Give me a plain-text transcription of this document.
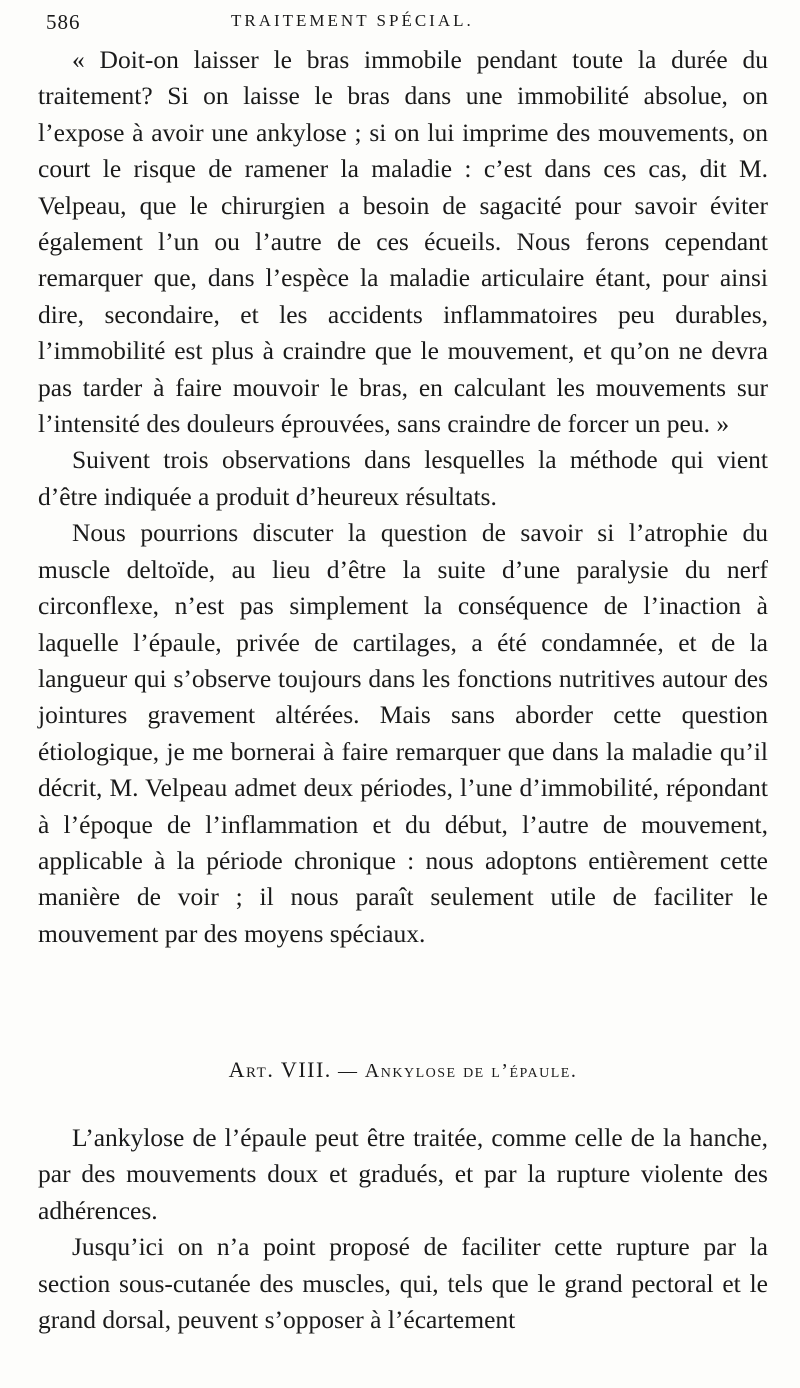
586	TRAITEMENT SPÉCIAL.

« Doit-on laisser le bras immobile pendant toute la durée du traitement? Si on laisse le bras dans une immobilité absolue, on l’expose à avoir une ankylose ; si on lui imprime des mouvements, on court le risque de ramener la maladie : c’est dans ces cas, dit M. Velpeau, que le chirurgien a besoin de sagacité pour savoir éviter également l’un ou l’autre de ces écueils. Nous ferons cependant remarquer que, dans l’espèce la maladie articulaire étant, pour ainsi dire, secondaire, et les accidents inflammatoires peu durables, l’immobilité est plus à craindre que le mouvement, et qu’on ne devra pas tarder à faire mouvoir le bras, en calculant les mouvements sur l’intensité des douleurs éprouvées, sans craindre de forcer un peu. »

Suivent trois observations dans lesquelles la méthode qui vient d’être indiquée a produit d’heureux résultats.

Nous pourrions discuter la question de savoir si l’atrophie du muscle deltoïde, au lieu d’être la suite d’une paralysie du nerf circonflexe, n’est pas simplement la conséquence de l’inaction à laquelle l’épaule, privée de cartilages, a été condamnée, et de la langueur qui s’observe toujours dans les fonctions nutritives autour des jointures gravement altérées. Mais sans aborder cette question étiologique, je me bornerai à faire remarquer que dans la maladie qu’il décrit, M. Velpeau admet deux périodes, l’une d’immobilité, répondant à l’époque de l’inflammation et du début, l’autre de mouvement, applicable à la période chronique : nous adoptons entièrement cette manière de voir ; il nous paraît seulement utile de faciliter le mouvement par des moyens spéciaux.

Art. VIII. — Ankylose de l’épaule.

L’ankylose de l’épaule peut être traitée, comme celle de la hanche, par des mouvements doux et gradués, et par la rupture violente des adhérences.

Jusqu’ici on n’a point proposé de faciliter cette rupture par la section sous-cutanée des muscles, qui, tels que le grand pectoral et le grand dorsal, peuvent s’opposer à l’écartement
